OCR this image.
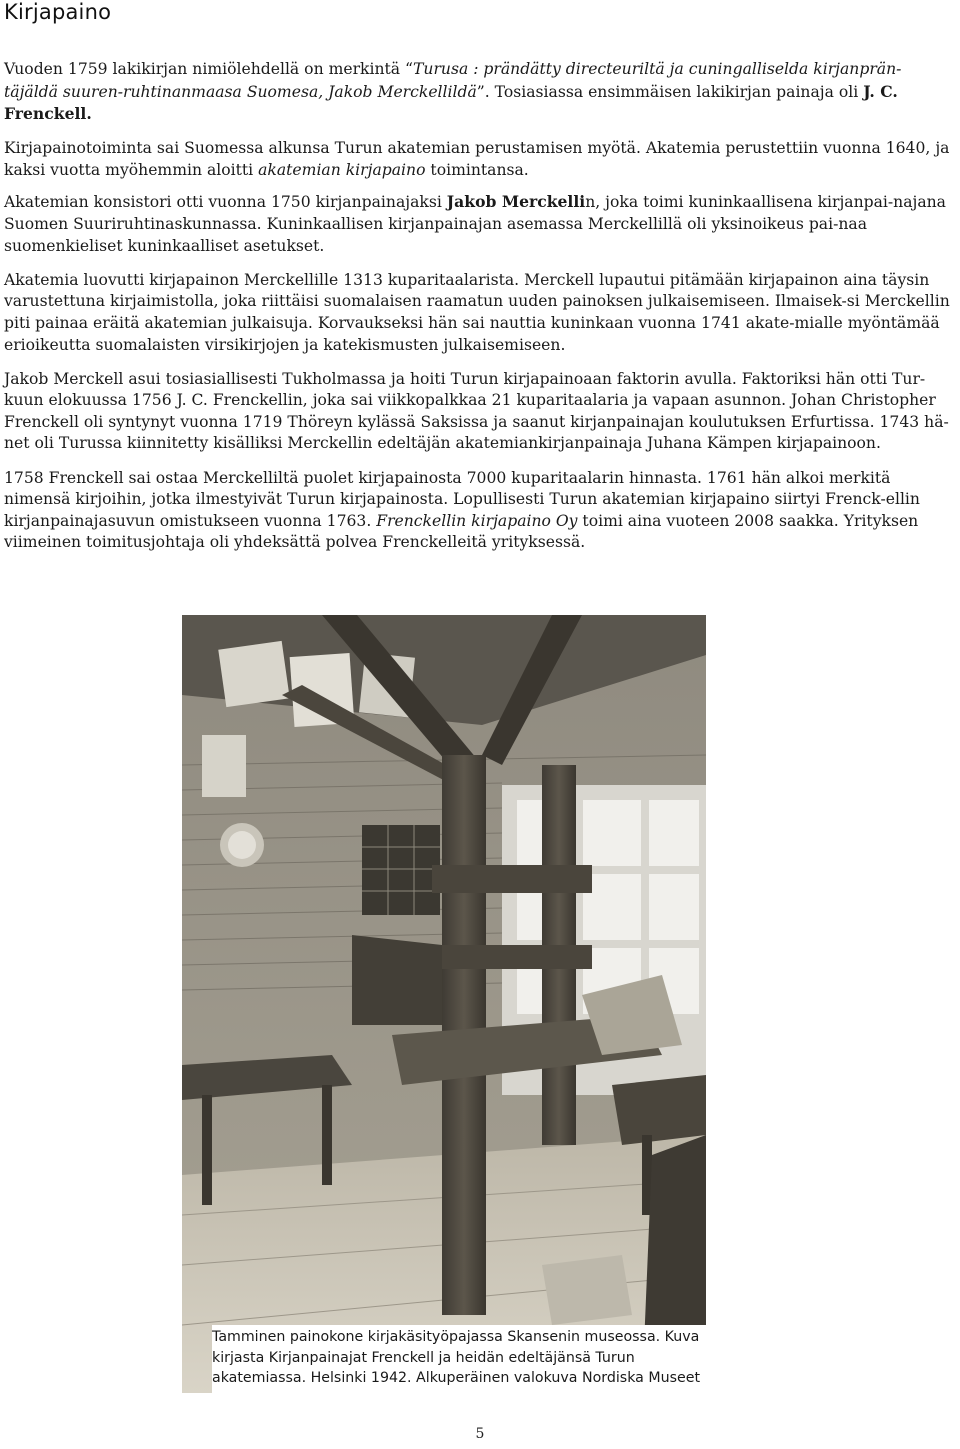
Kirjapaino

Vuoden 1759 lakikirjan nimiölehdellä on merkintä “Turusa : prändätty directeuriltä ja cuningalliselda kirjanprän-täjäldä suuren-ruhtinanmaasa Suomesa, Jakob Merckellildä”. Tosiasiassa ensimmäisen lakikirjan painaja oli J. C. Frenckell.

Kirjapainotoiminta sai Suomessa alkunsa Turun akatemian perustamisen myötä. Akatemia perustettiin vuonna 1640, ja kaksi vuotta myöhemmin aloitti akatemian kirjapaino toimintansa.

Akatemian konsistori otti vuonna 1750 kirjanpainajaksi Jakob Merckellin, joka toimi kuninkaallisena kirjanpai-najana Suomen Suuriruhtinaskunnassa. Kuninkaallisen kirjanpainajan asemassa Merckellillä oli yksinoikeus pai-naa suomenkieliset kuninkaalliset asetukset.

Akatemia luovutti kirjapainon Merckellille 1313 kuparitaalarista. Merckell lupautui pitämään kirjapainon aina täysin varustettuna kirjaimistolla, joka riittäisi suomalaisen raamatun uuden painoksen julkaisemiseen. Ilmaisek-si Merckellin piti painaa eräitä akatemian julkaisuja. Korvaukseksi hän sai nauttia kuninkaan vuonna 1741 akate-mialle myöntämää erioikeutta suomalaisten virsikirjojen ja katekismusten julkaisemiseen.

Jakob Merckell asui tosiasiallisesti Tukholmassa ja hoiti Turun kirjapainoaan faktorin avulla. Faktoriksi hän otti Tur-kuun elokuussa 1756 J. C. Frenckellin, joka sai viikkopalkkaa 21 kuparitaalaria ja vapaan asunnon. Johan Christopher Frenckell oli syntynyt vuonna 1719 Thöreyn kylässä Saksissa ja saanut kirjanpainajan koulutuksen Erfurtissa. 1743 hä-net oli Turussa kiinnitetty kisälliksi Merckellin edeltäjän akatemiankirjanpainaja Juhana Kämpen kirjapainoon.

1758 Frenckell sai ostaa Merckelliltä puolet kirjapainosta 7000 kuparitaalarin hinnasta. 1761 hän alkoi merkitä nimensä kirjoihin, jotka ilmestyivät Turun kirjapainosta. Lopullisesti Turun akatemian kirjapaino siirtyi Frenck-ellin kirjanpainajasuvun omistukseen vuonna 1763. Frenckellin kirjapaino Oy toimi aina vuoteen 2008 saakka. Yrityksen viimeinen toimitusjohtaja oli yhdeksättä polvea Frenckelleitä yrityksessä.

Tamminen painokone kirjakäsityöpajassa Skansenin museossa. Kuva kirjasta Kirjanpainajat Frenckell ja heidän edeltäjänsä Turun akatemiassa. Helsinki 1942. Alkuperäinen valokuva Nordiska Museet

5
